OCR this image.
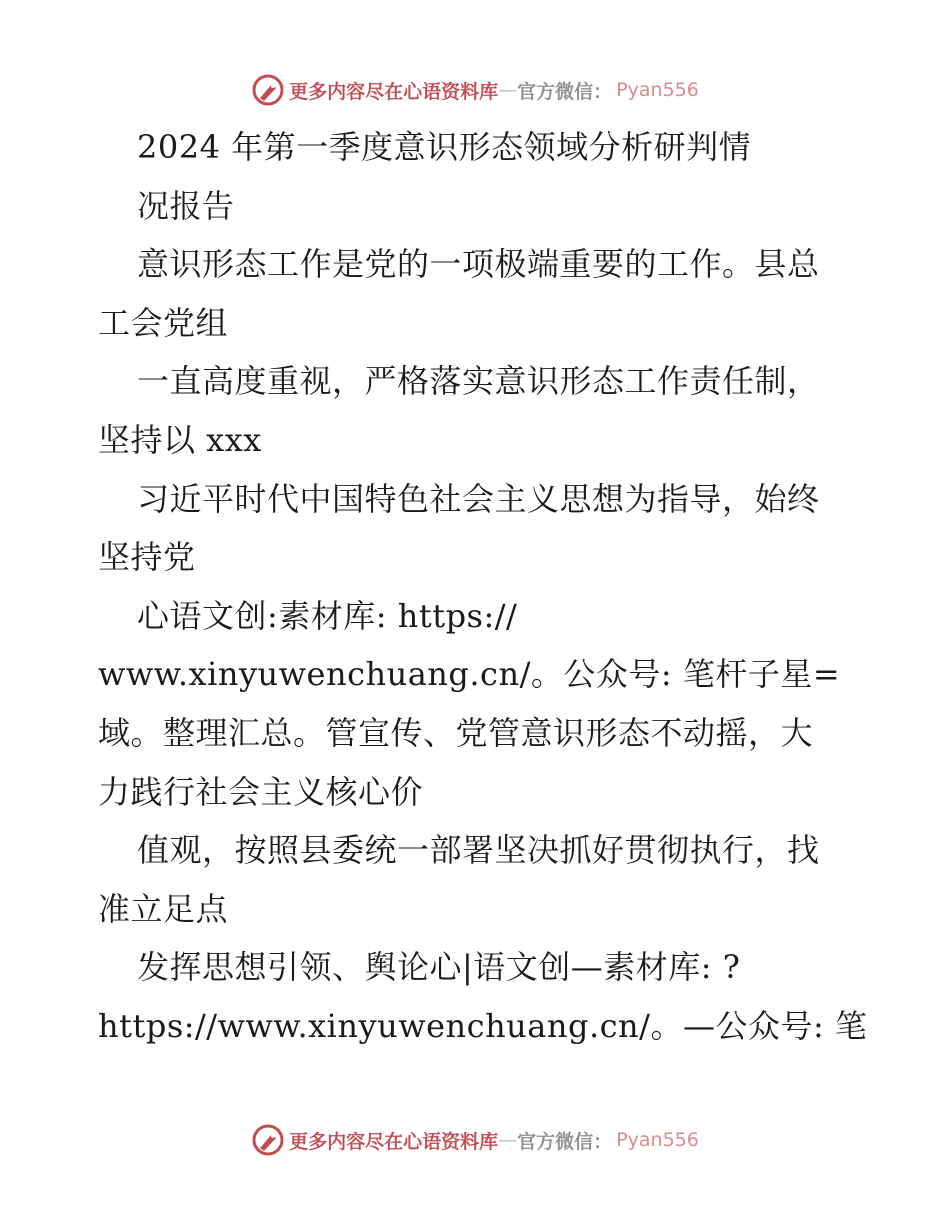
更多内容尽在心语资料库 — 官方微信： Pyan556
2024 年第一季度意识形态领域分析研判情
况报告
意识形态工作是党的一项极端重要的工作。县总
工会党组
一直高度重视，严格落实意识形态工作责任制，
坚持以 xxx
习近平时代中国特色社会主义思想为指导，始终
坚持党
心语文创:素材库: https://
www.xinyuwenchuang.cn/。公众号: 笔杆子星=
域。整理汇总。管宣传、党管意识形态不动摇，大
力践行社会主义核心价
值观，按照县委统一部署坚决抓好贯彻执行，找
准立足点
发挥思想引领、舆论心|语文创—素材库: ?
https://www.xinyuwenchuang.cn/。—公众号: 笔
更多内容尽在心语资料库 — 官方微信： Pyan556
